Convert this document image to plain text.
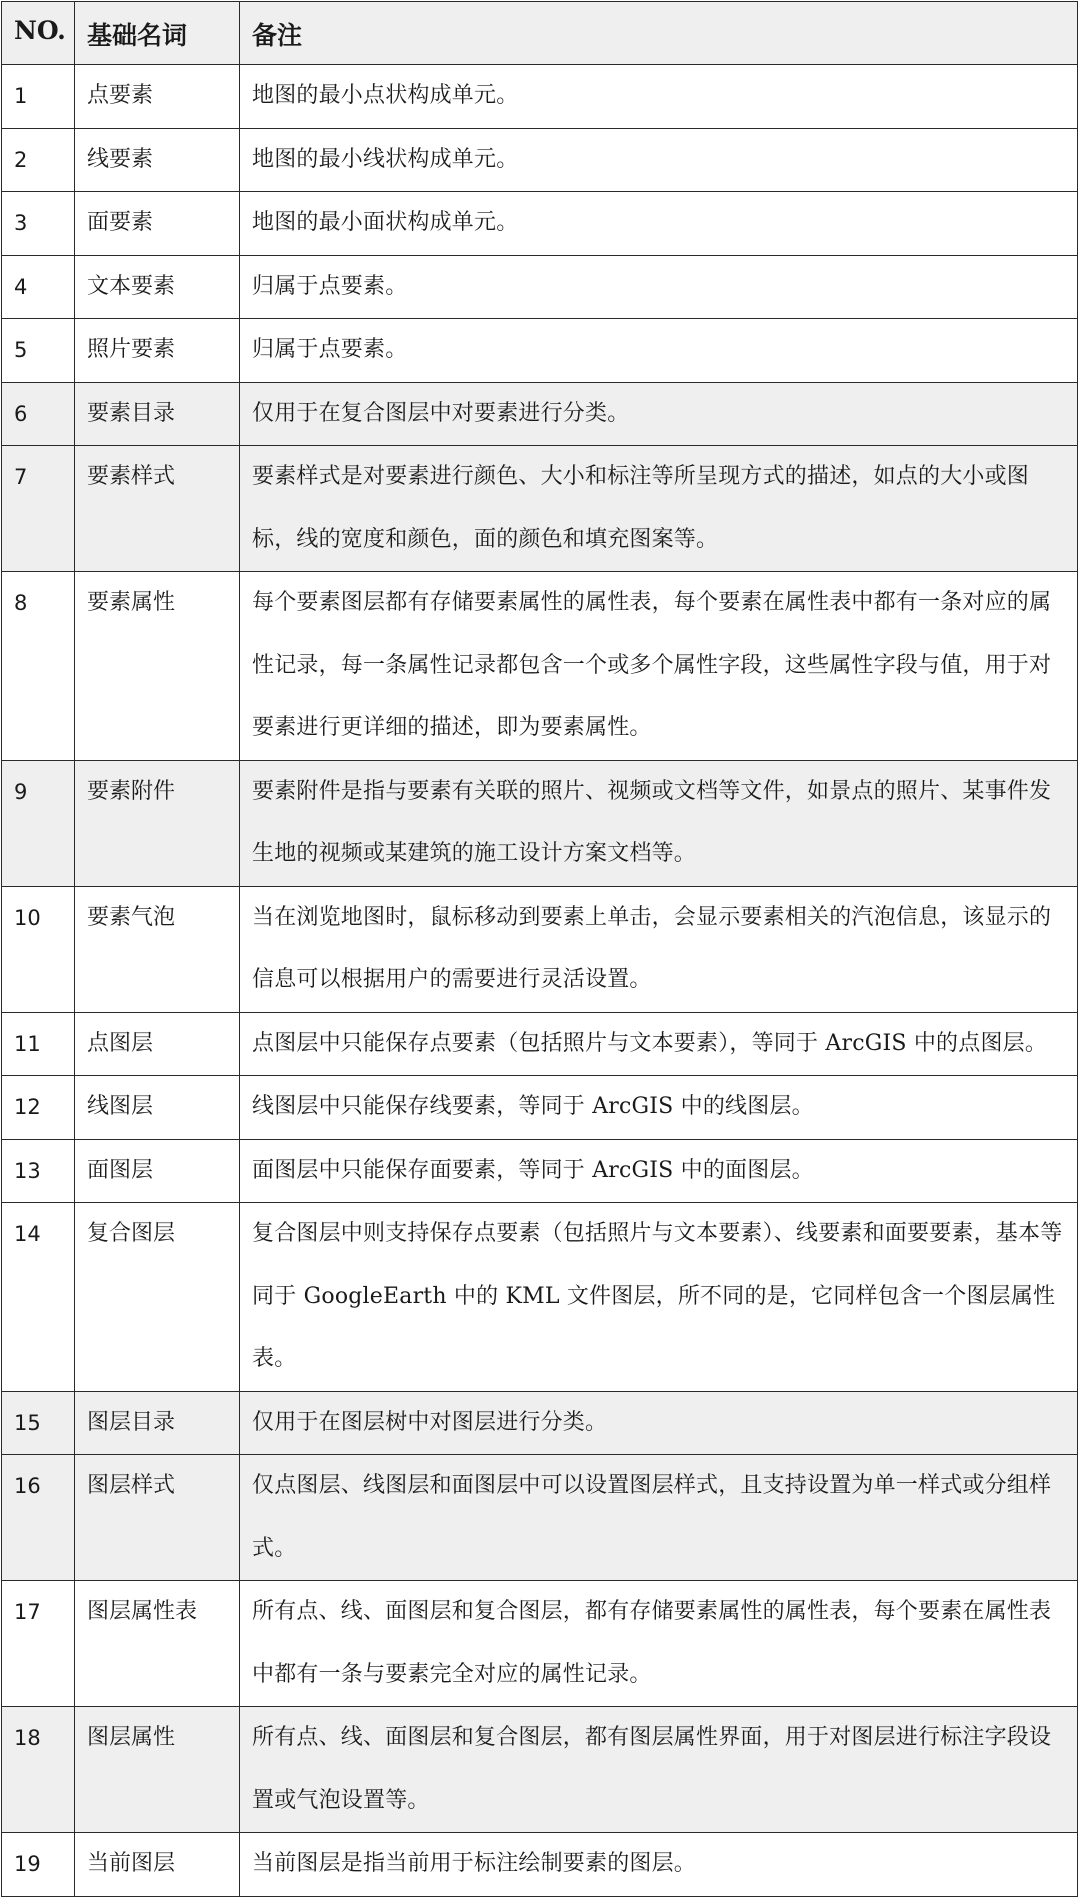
NO.	基础名词	备注
1	点要素	地图的最小点状构成单元。
2	线要素	地图的最小线状构成单元。
3	面要素	地图的最小面状构成单元。
4	文本要素	归属于点要素。
5	照片要素	归属于点要素。
6	要素目录	仅用于在复合图层中对要素进行分类。
7	要素样式	要素样式是对要素进行颜色、大小和标注等所呈现方式的描述，如点的大小或图标，线的宽度和颜色，面的颜色和填充图案等。
8	要素属性	每个要素图层都有存储要素属性的属性表，每个要素在属性表中都有一条对应的属性记录，每一条属性记录都包含一个或多个属性字段，这些属性字段与值，用于对要素进行更详细的描述，即为要素属性。
9	要素附件	要素附件是指与要素有关联的照片、视频或文档等文件，如景点的照片、某事件发生地的视频或某建筑的施工设计方案文档等。
10	要素气泡	当在浏览地图时，鼠标移动到要素上单击，会显示要素相关的汽泡信息，该显示的信息可以根据用户的需要进行灵活设置。
11	点图层	点图层中只能保存点要素（包括照片与文本要素），等同于 ArcGIS 中的点图层。
12	线图层	线图层中只能保存线要素，等同于 ArcGIS 中的线图层。
13	面图层	面图层中只能保存面要素，等同于 ArcGIS 中的面图层。
14	复合图层	复合图层中则支持保存点要素（包括照片与文本要素）、线要素和面要要素，基本等同于 GoogleEarth 中的 KML 文件图层，所不同的是，它同样包含一个图层属性表。
15	图层目录	仅用于在图层树中对图层进行分类。
16	图层样式	仅点图层、线图层和面图层中可以设置图层样式，且支持设置为单一样式或分组样式。
17	图层属性表	所有点、线、面图层和复合图层，都有存储要素属性的属性表，每个要素在属性表中都有一条与要素完全对应的属性记录。
18	图层属性	所有点、线、面图层和复合图层，都有图层属性界面，用于对图层进行标注字段设置或气泡设置等。
19	当前图层	当前图层是指当前用于标注绘制要素的图层。
